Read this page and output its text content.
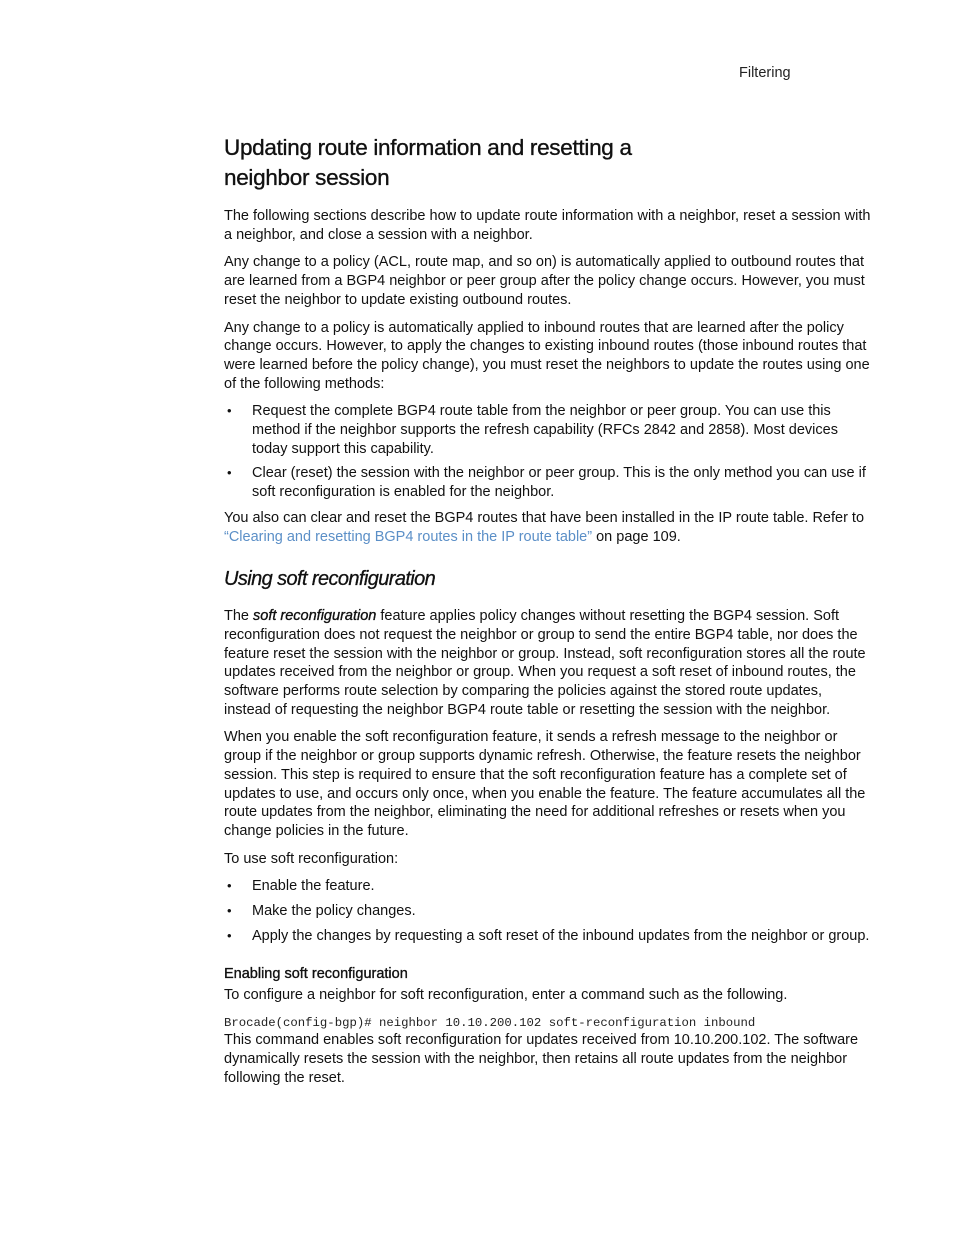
Filtering
Updating route information and resetting a neighbor session

The following sections describe how to update route information with a neighbor, reset a session with a neighbor, and close a session with a neighbor.

Any change to a policy (ACL, route map, and so on) is automatically applied to outbound routes that are learned from a BGP4 neighbor or peer group after the policy change occurs. However, you must reset the neighbor to update existing outbound routes.

Any change to a policy is automatically applied to inbound routes that are learned after the policy change occurs. However, to apply the changes to existing inbound routes (those inbound routes that were learned before the policy change), you must reset the neighbors to update the routes using one of the following methods:

• Request the complete BGP4 route table from the neighbor or peer group. You can use this method if the neighbor supports the refresh capability (RFCs 2842 and 2858). Most devices today support this capability.
• Clear (reset) the session with the neighbor or peer group. This is the only method you can use if soft reconfiguration is enabled for the neighbor.

You also can clear and reset the BGP4 routes that have been installed in the IP route table. Refer to “Clearing and resetting BGP4 routes in the IP route table” on page 109.

Using soft reconfiguration

The soft reconfiguration feature applies policy changes without resetting the BGP4 session. Soft reconfiguration does not request the neighbor or group to send the entire BGP4 table, nor does the feature reset the session with the neighbor or group. Instead, soft reconfiguration stores all the route updates received from the neighbor or group. When you request a soft reset of inbound routes, the software performs route selection by comparing the policies against the stored route updates, instead of requesting the neighbor BGP4 route table or resetting the session with the neighbor.

When you enable the soft reconfiguration feature, it sends a refresh message to the neighbor or group if the neighbor or group supports dynamic refresh. Otherwise, the feature resets the neighbor session. This step is required to ensure that the soft reconfiguration feature has a complete set of updates to use, and occurs only once, when you enable the feature. The feature accumulates all the route updates from the neighbor, eliminating the need for additional refreshes or resets when you change policies in the future.

To use soft reconfiguration:

• Enable the feature.
• Make the policy changes.
• Apply the changes by requesting a soft reset of the inbound updates from the neighbor or group.
Enabling soft reconfiguration

To configure a neighbor for soft reconfiguration, enter a command such as the following.

Brocade(config-bgp)# neighbor 10.10.200.102 soft-reconfiguration inbound

This command enables soft reconfiguration for updates received from 10.10.200.102. The software dynamically resets the session with the neighbor, then retains all route updates from the neighbor following the reset.
